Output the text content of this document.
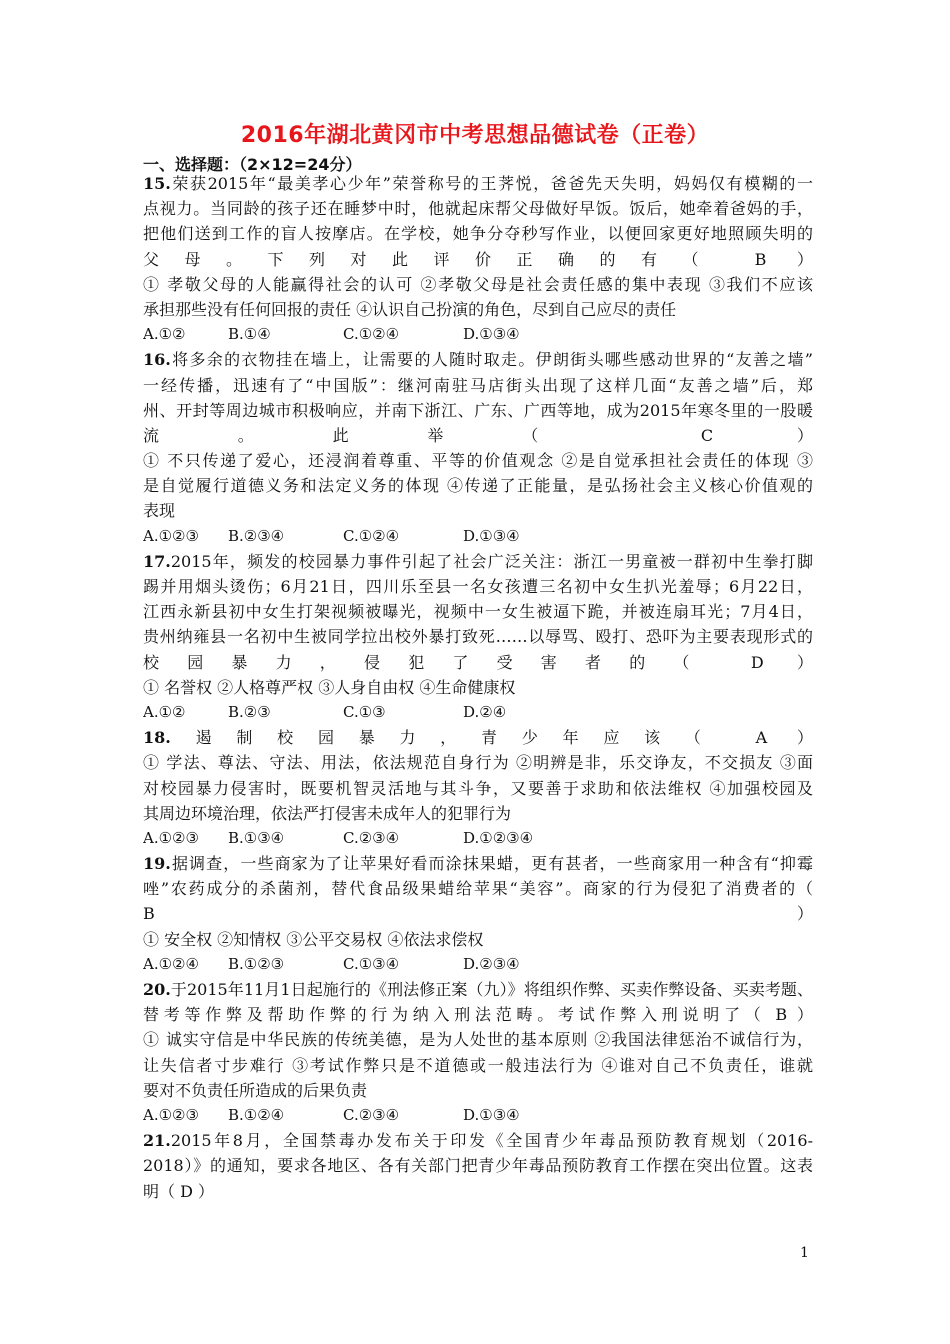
2016年湖北黄冈市中考思想品德试卷（正卷）
一、选择题：（2×12=24分）
15.荣获2015年“最美孝心少年”荣誉称号的王荠悦，爸爸先天失明，妈妈仅有模糊的一
点视力。当同龄的孩子还在睡梦中时，他就起床帮父母做好早饭。饭后，她牵着爸妈的手，
把他们送到工作的盲人按摩店。在学校，她争分夺秒写作业，以便回家更好地照顾失明的
父母。下列对此评价正确的有（ B ）
① 孝敬父母的人能赢得社会的认可 ②孝敬父母是社会责任感的集中表现 ③我们不应该
承担那些没有任何回报的责任 ④认识自己扮演的角色，尽到自己应尽的责任
A.①②	B.①④	C.①②④	D.①③④
16.将多余的衣物挂在墙上，让需要的人随时取走。伊朗街头哪些感动世界的“友善之墙”
一经传播，迅速有了“中国版”：继河南驻马店街头出现了这样几面“友善之墙”后，郑
州、开封等周边城市积极响应，并南下浙江、广东、广西等地，成为2015年寒冬里的一股暖
流。此举（ C ）
① 不只传递了爱心，还浸润着尊重、平等的价值观念 ②是自觉承担社会责任的体现 ③
是自觉履行道德义务和法定义务的体现 ④传递了正能量，是弘扬社会主义核心价值观的
表现
A.①②③ B.②③④	C.①②④	D.①③④
17.2015年，频发的校园暴力事件引起了社会广泛关注：浙江一男童被一群初中生拳打脚
踢并用烟头烫伤；6月21日，四川乐至县一名女孩遭三名初中女生扒光羞辱；6月22日，
江西永新县初中女生打架视频被曝光，视频中一女生被逼下跪，并被连扇耳光；7月4日，
贵州纳雍县一名初中生被同学拉出校外暴打致死……以辱骂、殴打、恐吓为主要表现形式的
校园暴力，侵犯了受害者的（ D ）
① 名誉权 ②人格尊严权 ③人身自由权 ④生命健康权
A.①②	B.②③	C.①③	D.②④
18.遏制校园暴力，青少年应该（ A ）
① 学法、尊法、守法、用法，依法规范自身行为 ②明辨是非，乐交诤友，不交损友 ③面
对校园暴力侵害时，既要机智灵活地与其斗争，又要善于求助和依法维权 ④加强校园及
其周边环境治理，依法严打侵害未成年人的犯罪行为
A.①②③ B.①③④	C.②③④	D.①②③④
19.据调查，一些商家为了让苹果好看而涂抹果蜡，更有甚者，一些商家用一种含有“抑霉
唑”农药成分的杀菌剂，替代食品级果蜡给苹果“美容”。商家的行为侵犯了消费者的（
B ）
① 安全权 ②知情权 ③公平交易权 ④依法求偿权
A.①②④ B.①②③	C.①③④	D.②③④
20.于2015年11月1日起施行的《刑法修正案（九）》将组织作弊、买卖作弊设备、买卖考题、
替考等作弊及帮助作弊的行为纳入刑法范畴。考试作弊入刑说明了（ B ）
① 诚实守信是中华民族的传统美德，是为人处世的基本原则 ②我国法律惩治不诚信行为，
让失信者寸步难行 ③考试作弊只是不道德或一般违法行为 ④谁对自己不负责任，谁就
要对不负责任所造成的后果负责
A.①②③ B.①②④	C.②③④	D.①③④
21.2015年8月，全国禁毒办发布关于印发《全国青少年毒品预防教育规划（2016-
2018）》的通知，要求各地区、各有关部门把青少年毒品预防教育工作摆在突出位置。这表
明（ D ）
1
